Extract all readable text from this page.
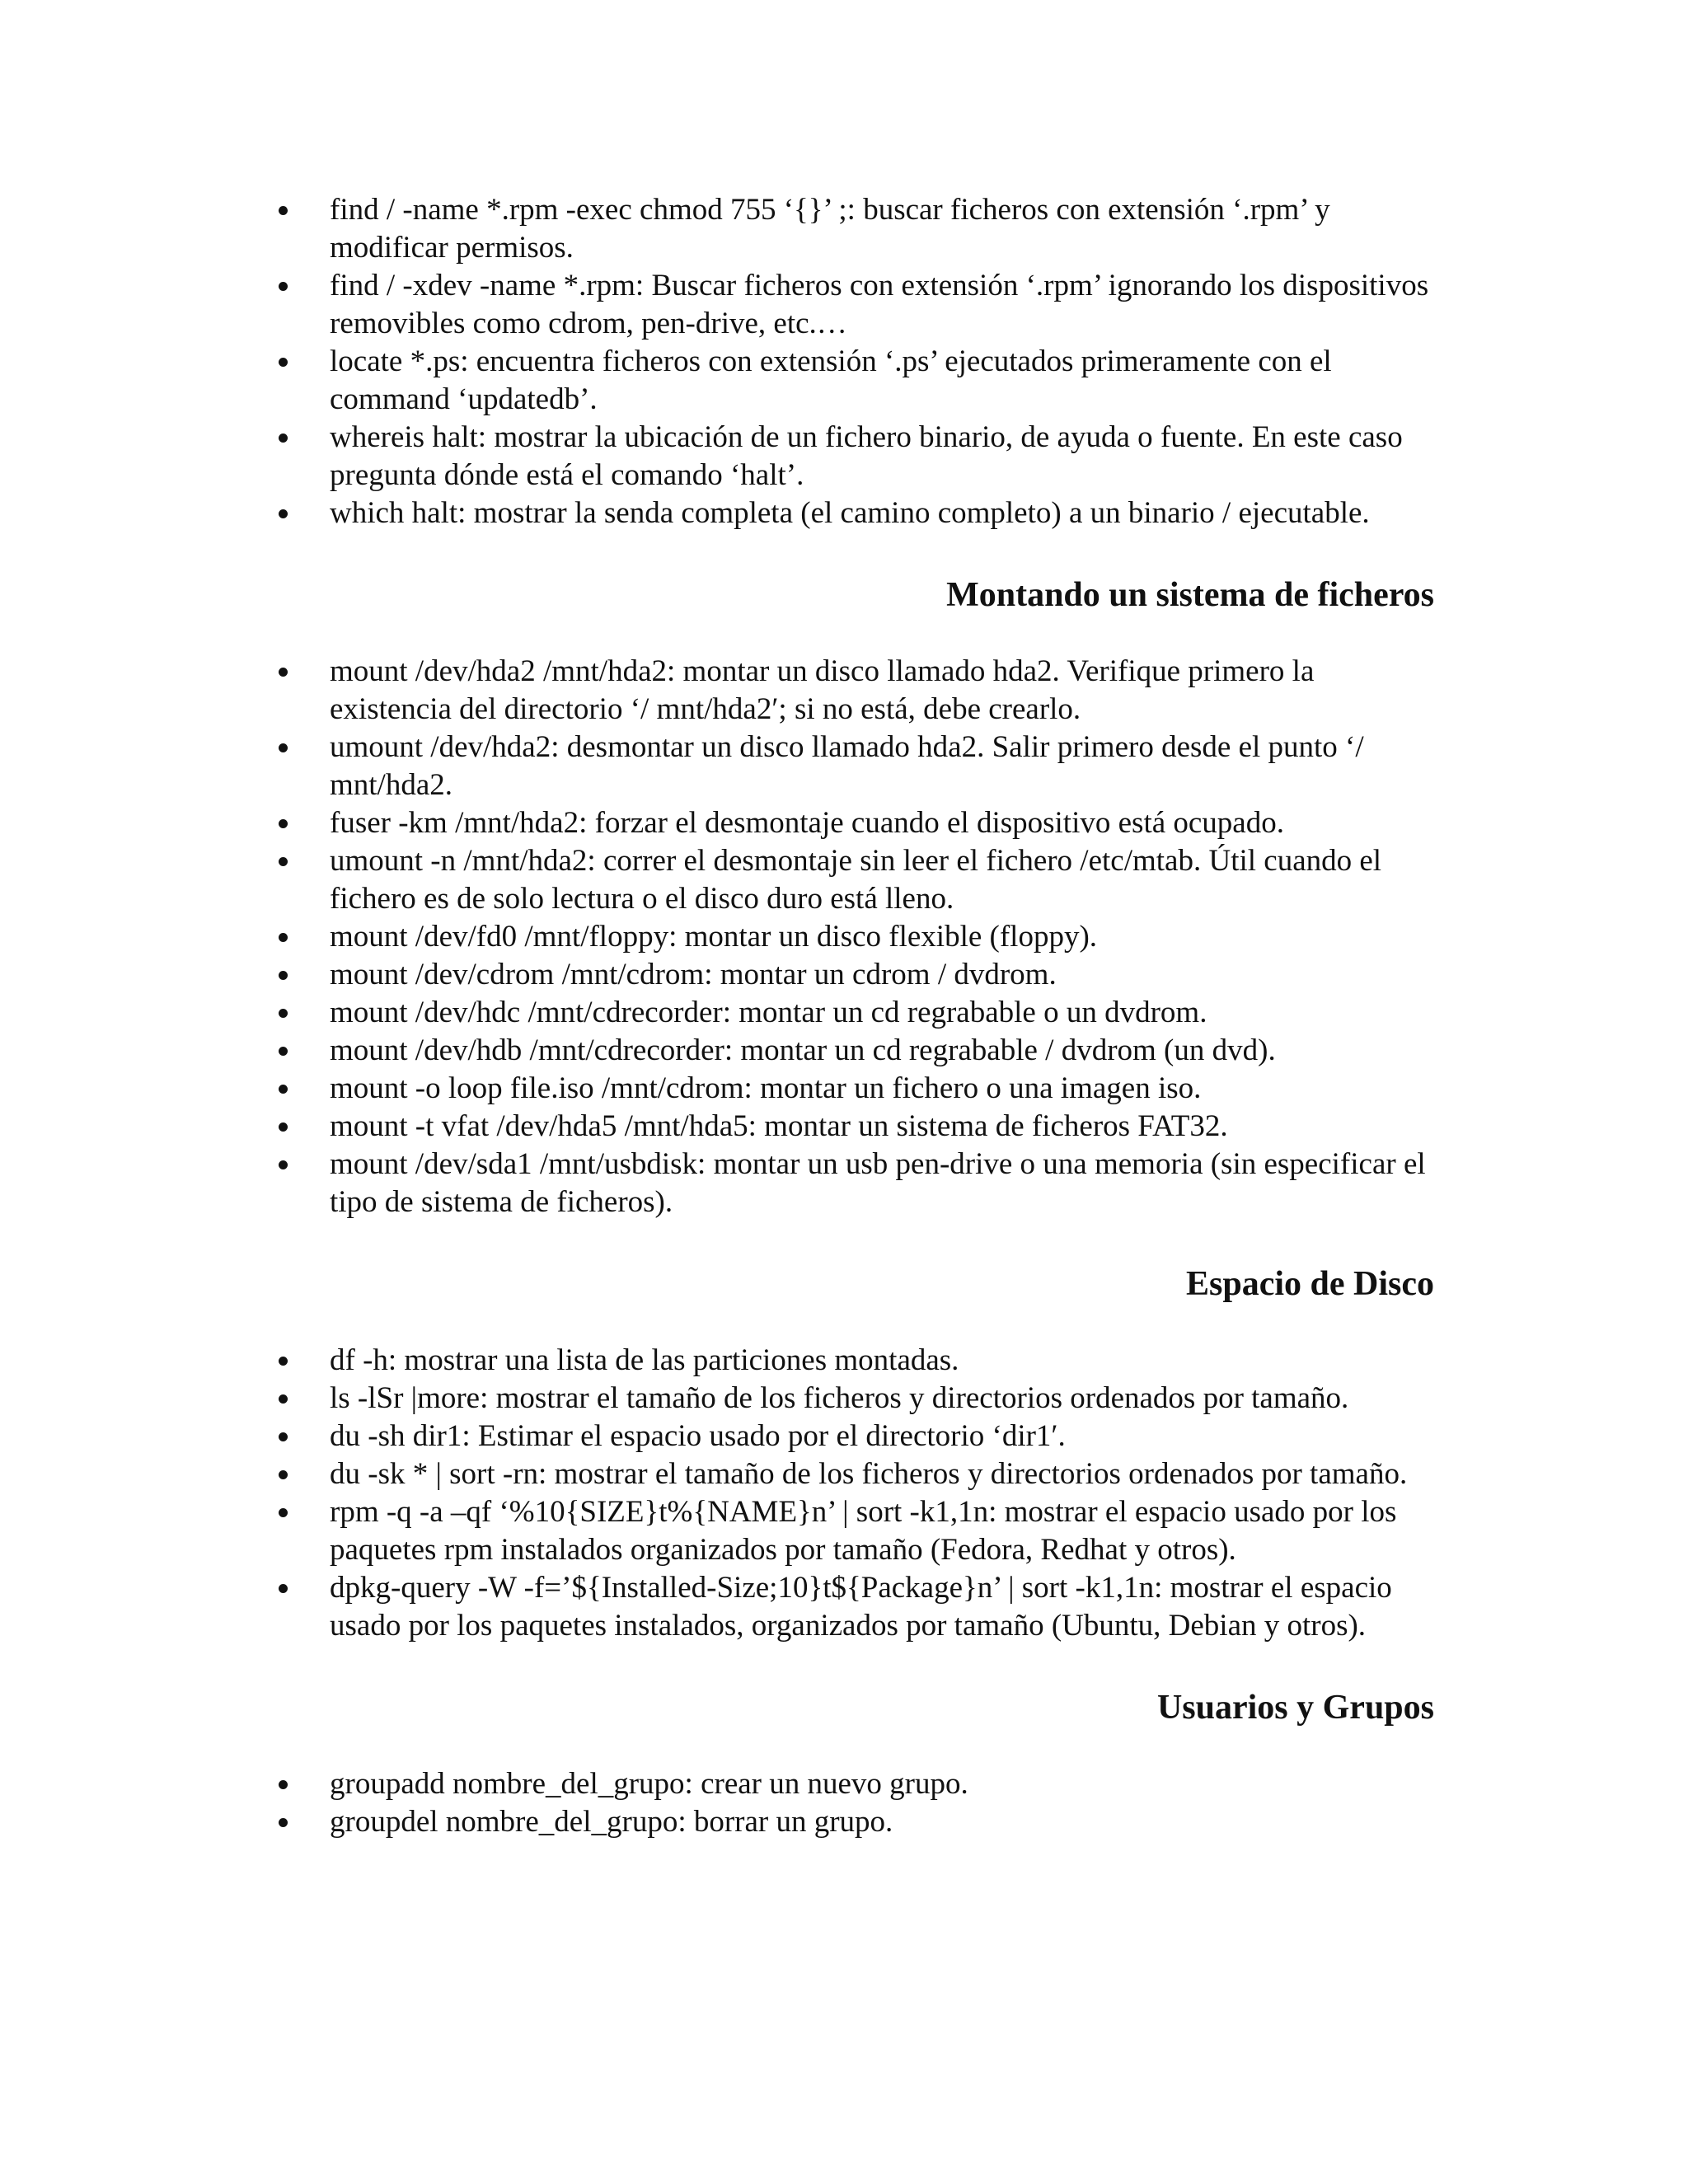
find / -name *.rpm -exec chmod 755 ‘{}’ ;: buscar ficheros con extensión ‘.rpm’ y modificar permisos.
find / -xdev -name *.rpm: Buscar ficheros con extensión ‘.rpm’ ignorando los dispositivos removibles como cdrom, pen-drive, etc.…
locate *.ps: encuentra ficheros con extensión ‘.ps’ ejecutados primeramente con el command ‘updatedb’.
whereis halt: mostrar la ubicación de un fichero binario, de ayuda o fuente. En este caso pregunta dónde está el comando ‘halt’.
which halt: mostrar la senda completa (el camino completo) a un binario / ejecutable.
Montando un sistema de ficheros
mount /dev/hda2 /mnt/hda2: montar un disco llamado hda2. Verifique primero la existencia del directorio ‘/ mnt/hda2′; si no está, debe crearlo.
umount /dev/hda2: desmontar un disco llamado hda2. Salir primero desde el punto ‘/ mnt/hda2.
fuser -km /mnt/hda2: forzar el desmontaje cuando el dispositivo está ocupado.
umount -n /mnt/hda2: correr el desmontaje sin leer el fichero /etc/mtab. Útil cuando el fichero es de solo lectura o el disco duro está lleno.
mount /dev/fd0 /mnt/floppy: montar un disco flexible (floppy).
mount /dev/cdrom /mnt/cdrom: montar un cdrom / dvdrom.
mount /dev/hdc /mnt/cdrecorder: montar un cd regrabable o un dvdrom.
mount /dev/hdb /mnt/cdrecorder: montar un cd regrabable / dvdrom (un dvd).
mount -o loop file.iso /mnt/cdrom: montar un fichero o una imagen iso.
mount -t vfat /dev/hda5 /mnt/hda5: montar un sistema de ficheros FAT32.
mount /dev/sda1 /mnt/usbdisk: montar un usb pen-drive o una memoria (sin especificar el tipo de sistema de ficheros).
Espacio de Disco
df -h: mostrar una lista de las particiones montadas.
ls -lSr |more: mostrar el tamaño de los ficheros y directorios ordenados por tamaño.
du -sh dir1: Estimar el espacio usado por el directorio ‘dir1′.
du -sk * | sort -rn: mostrar el tamaño de los ficheros y directorios ordenados por tamaño.
rpm -q -a –qf ‘%10{SIZE}t%{NAME}n’ | sort -k1,1n: mostrar el espacio usado por los paquetes rpm instalados organizados por tamaño (Fedora, Redhat y otros).
dpkg-query -W -f=’${Installed-Size;10}t${Package}n’ | sort -k1,1n: mostrar el espacio usado por los paquetes instalados, organizados por tamaño (Ubuntu, Debian y otros).
Usuarios y Grupos
groupadd nombre_del_grupo: crear un nuevo grupo.
groupdel nombre_del_grupo: borrar un grupo.
